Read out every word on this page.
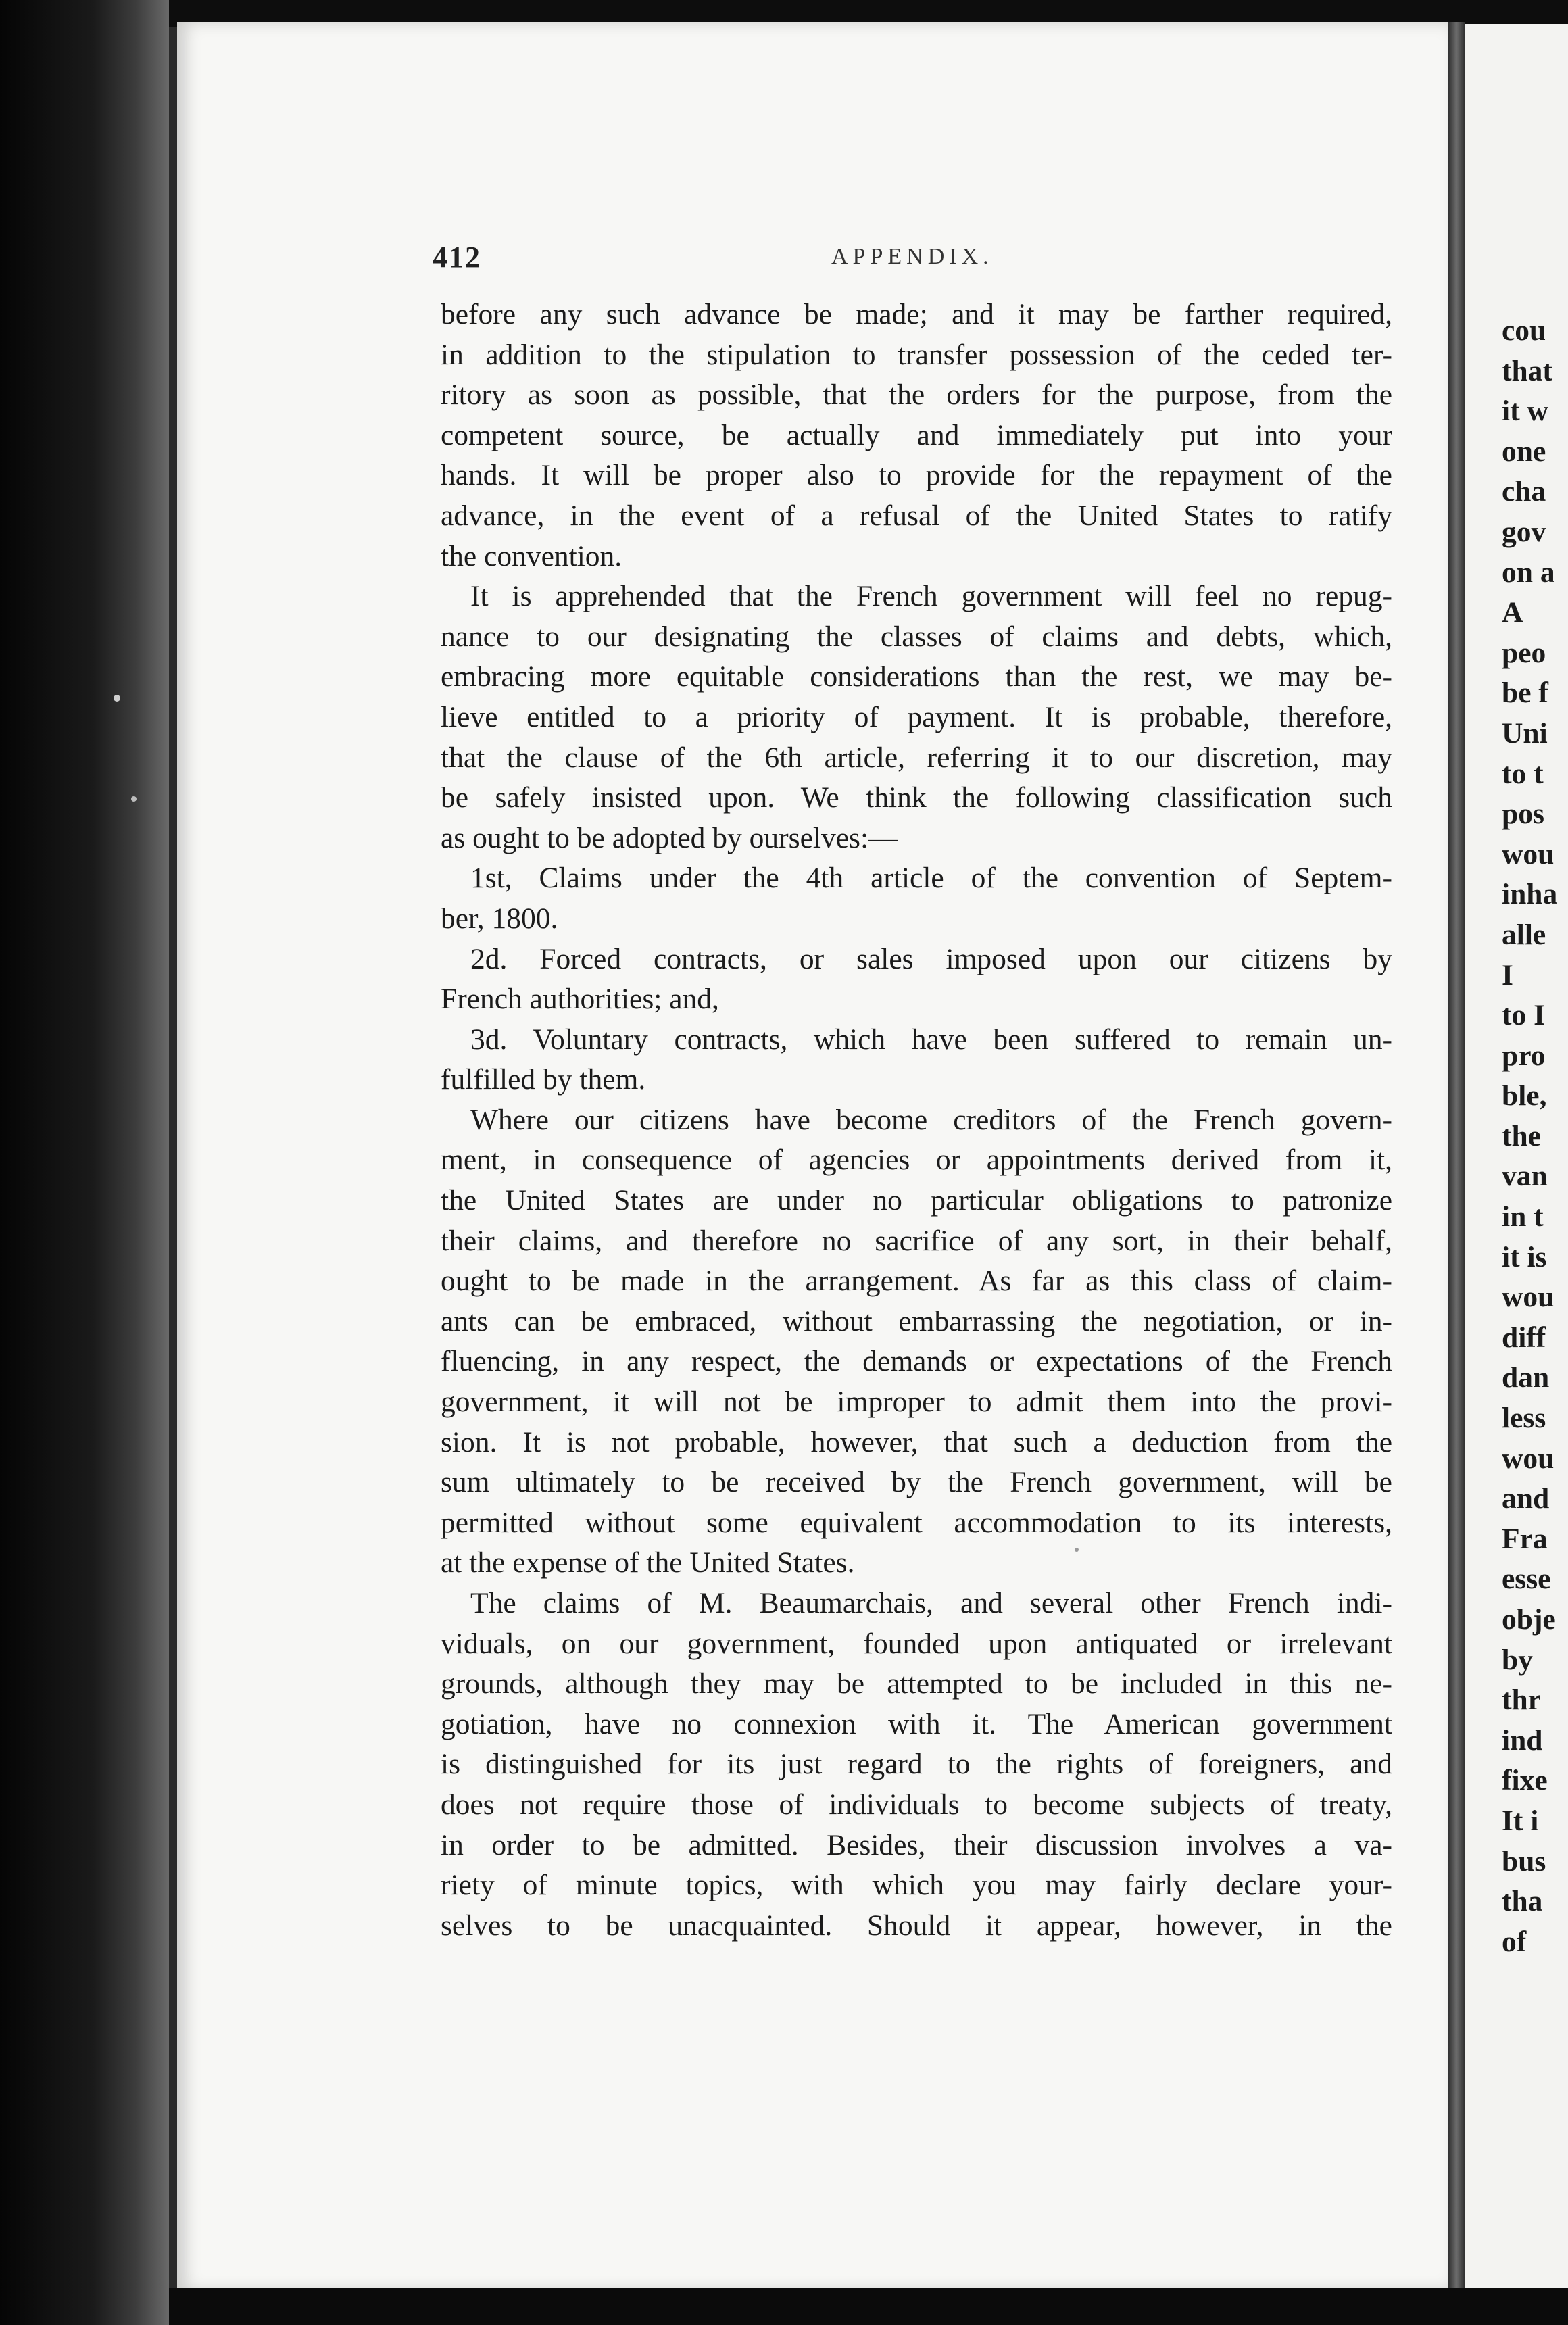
412	APPENDIX.
before any such advance be made; and it may be farther required,
in addition to the stipulation to transfer possession of the ceded ter-
ritory as soon as possible, that the orders for the purpose, from the
competent source, be actually and immediately put into your
hands. It will be proper also to provide for the repayment of the
advance, in the event of a refusal of the United States to ratify
the convention.
It is apprehended that the French government will feel no repug-
nance to our designating the classes of claims and debts, which,
embracing more equitable considerations than the rest, we may be-
lieve entitled to a priority of payment. It is probable, therefore,
that the clause of the 6th article, referring it to our discretion, may
be safely insisted upon. We think the following classification such
as ought to be adopted by ourselves:—
1st, Claims under the 4th article of the convention of Septem-
ber, 1800.
2d. Forced contracts, or sales imposed upon our citizens by
French authorities; and,
3d. Voluntary contracts, which have been suffered to remain un-
fulfilled by them.
Where our citizens have become creditors of the French govern-
ment, in consequence of agencies or appointments derived from it,
the United States are under no particular obligations to patronize
their claims, and therefore no sacrifice of any sort, in their behalf,
ought to be made in the arrangement. As far as this class of claim-
ants can be embraced, without embarrassing the negotiation, or in-
fluencing, in any respect, the demands or expectations of the French
government, it will not be improper to admit them into the provi-
sion. It is not probable, however, that such a deduction from the
sum ultimately to be received by the French government, will be
permitted without some equivalent accommodation to its interests,
at the expense of the United States.
The claims of M. Beaumarchais, and several other French indi-
viduals, on our government, founded upon antiquated or irrelevant
grounds, although they may be attempted to be included in this ne-
gotiation, have no connexion with it. The American government
is distinguished for its just regard to the rights of foreigners, and
does not require those of individuals to become subjects of treaty,
in order to be admitted. Besides, their discussion involves a va-
riety of minute topics, with which you may fairly declare your-
selves to be unacquainted. Should it appear, however, in the
cou
that
it w
one
cha
gov
on a
A
peo
be f
Uni
to t
pos
wou
inha
alle
I
to I
pro
ble,
the
van
in t
it is
wou
diff
dan
less
wou
and
Fra
esse
obje
by
thr
ind
fixe
It i
bus
tha
of
